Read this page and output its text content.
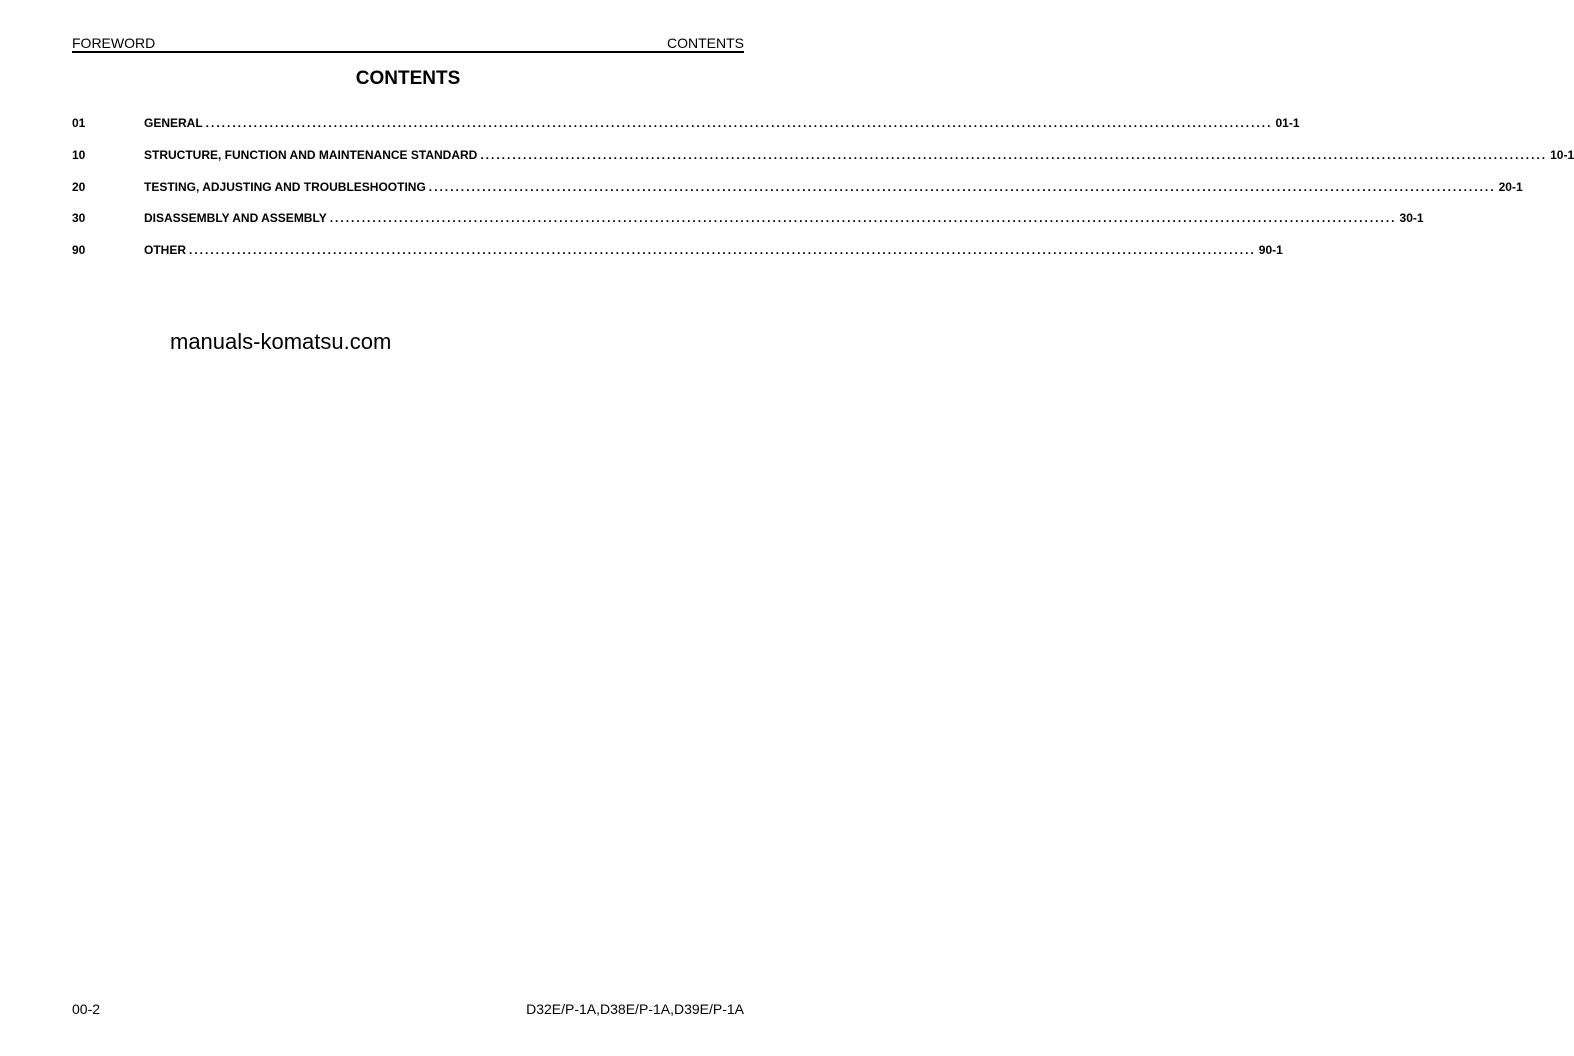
FOREWORD	CONTENTS
CONTENTS
01	GENERAL ........................................................................................................................................................................................................ 01-1
10	STRUCTURE, FUNCTION AND MAINTENANCE STANDARD ........................................................................................................................................................................................................ 10-1
20	TESTING, ADJUSTING AND TROUBLESHOOTING ........................................................................................................................................................................................................ 20-1
30	DISASSEMBLY AND ASSEMBLY ........................................................................................................................................................................................................ 30-1
90	OTHER ........................................................................................................................................................................................................ 90-1
manuals-komatsu.com
00-2	D32E/P-1A,D38E/P-1A,D39E/P-1A
